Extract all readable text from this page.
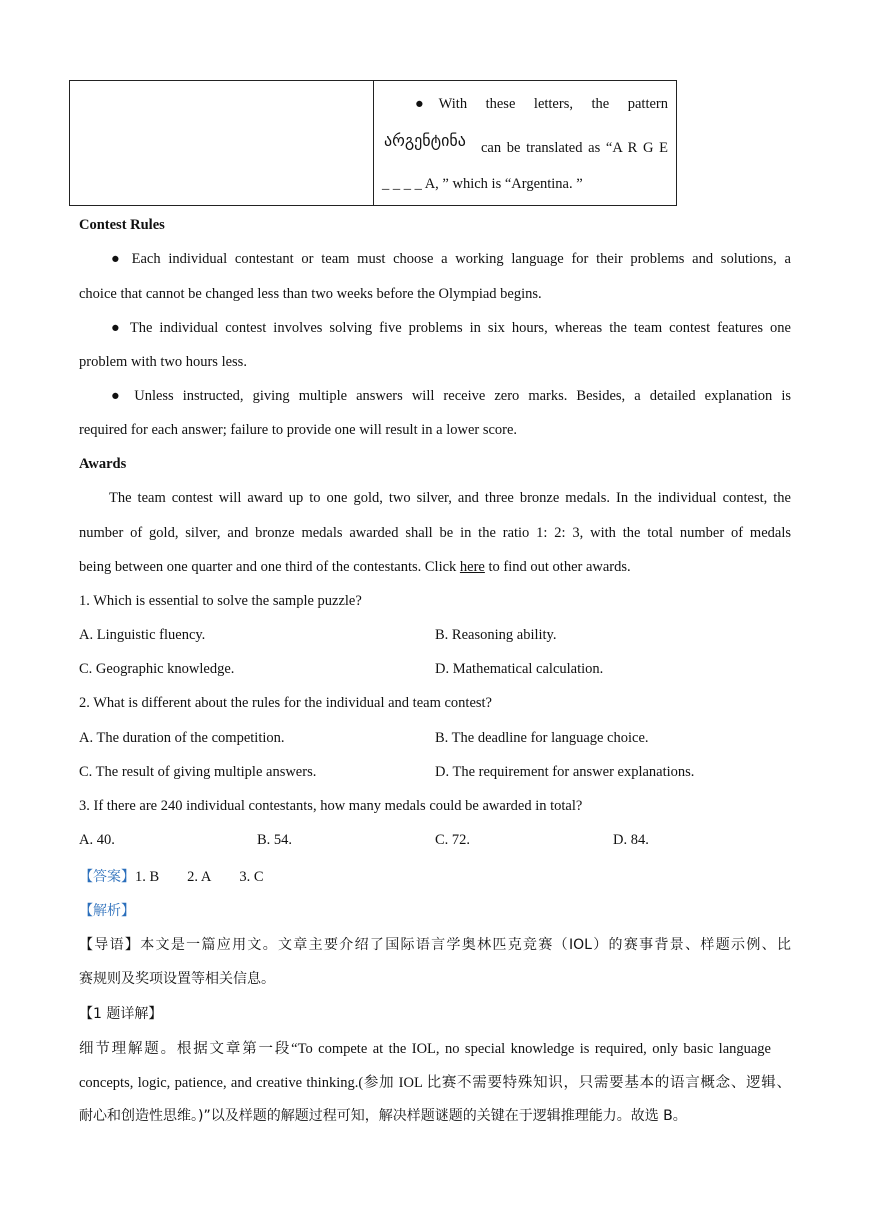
●With these letters, the pattern
არგენტინა can be translated as “A R G E
_ _ _ _ A, ” which is “Argentina. ”
Contest Rules
● Each individual contestant or team must choose a working language for their problems and solutions, a
choice that cannot be changed less than two weeks before the Olympiad begins.
● The individual contest involves solving five problems in six hours, whereas the team contest features one
problem with two hours less.
● Unless instructed, giving multiple answers will receive zero marks. Besides, a detailed explanation is
required for each answer; failure to provide one will result in a lower score.
Awards
The team contest will award up to one gold, two silver, and three bronze medals. In the individual contest, the
number of gold, silver, and bronze medals awarded shall be in the ratio 1: 2: 3, with the total number of medals
being between one quarter and one third of the contestants. Click here to find out other awards.
1. Which is essential to solve the sample puzzle?
A. Linguistic fluency.	B. Reasoning ability.
C. Geographic knowledge.	D. Mathematical calculation.
2. What is different about the rules for the individual and team contest?
A. The duration of the competition.	B. The deadline for language choice.
C. The result of giving multiple answers.	D. The requirement for answer explanations.
3. If there are 240 individual contestants, how many medals could be awarded in total?
A. 40.	B. 54.	C. 72.	D. 84.
【答案】1. B 2. A 3. C
【解析】
【导语】本文是一篇应用文。文章主要介绍了国际语言学奥林匹克竞赛（IOL）的赛事背景、样题示例、比
赛规则及奖项设置等相关信息。
【1 题详解】
细节理解题。根据文章第一段“To compete at the IOL, no special knowledge is required, only basic language
concepts, logic, patience, and creative thinking.(参加 IOL 比赛不需要特殊知识，只需要基本的语言概念、逻辑、
耐心和创造性思维。)”以及样题的解题过程可知，解决样题谜题的关键在于逻辑推理能力。故选 B。
